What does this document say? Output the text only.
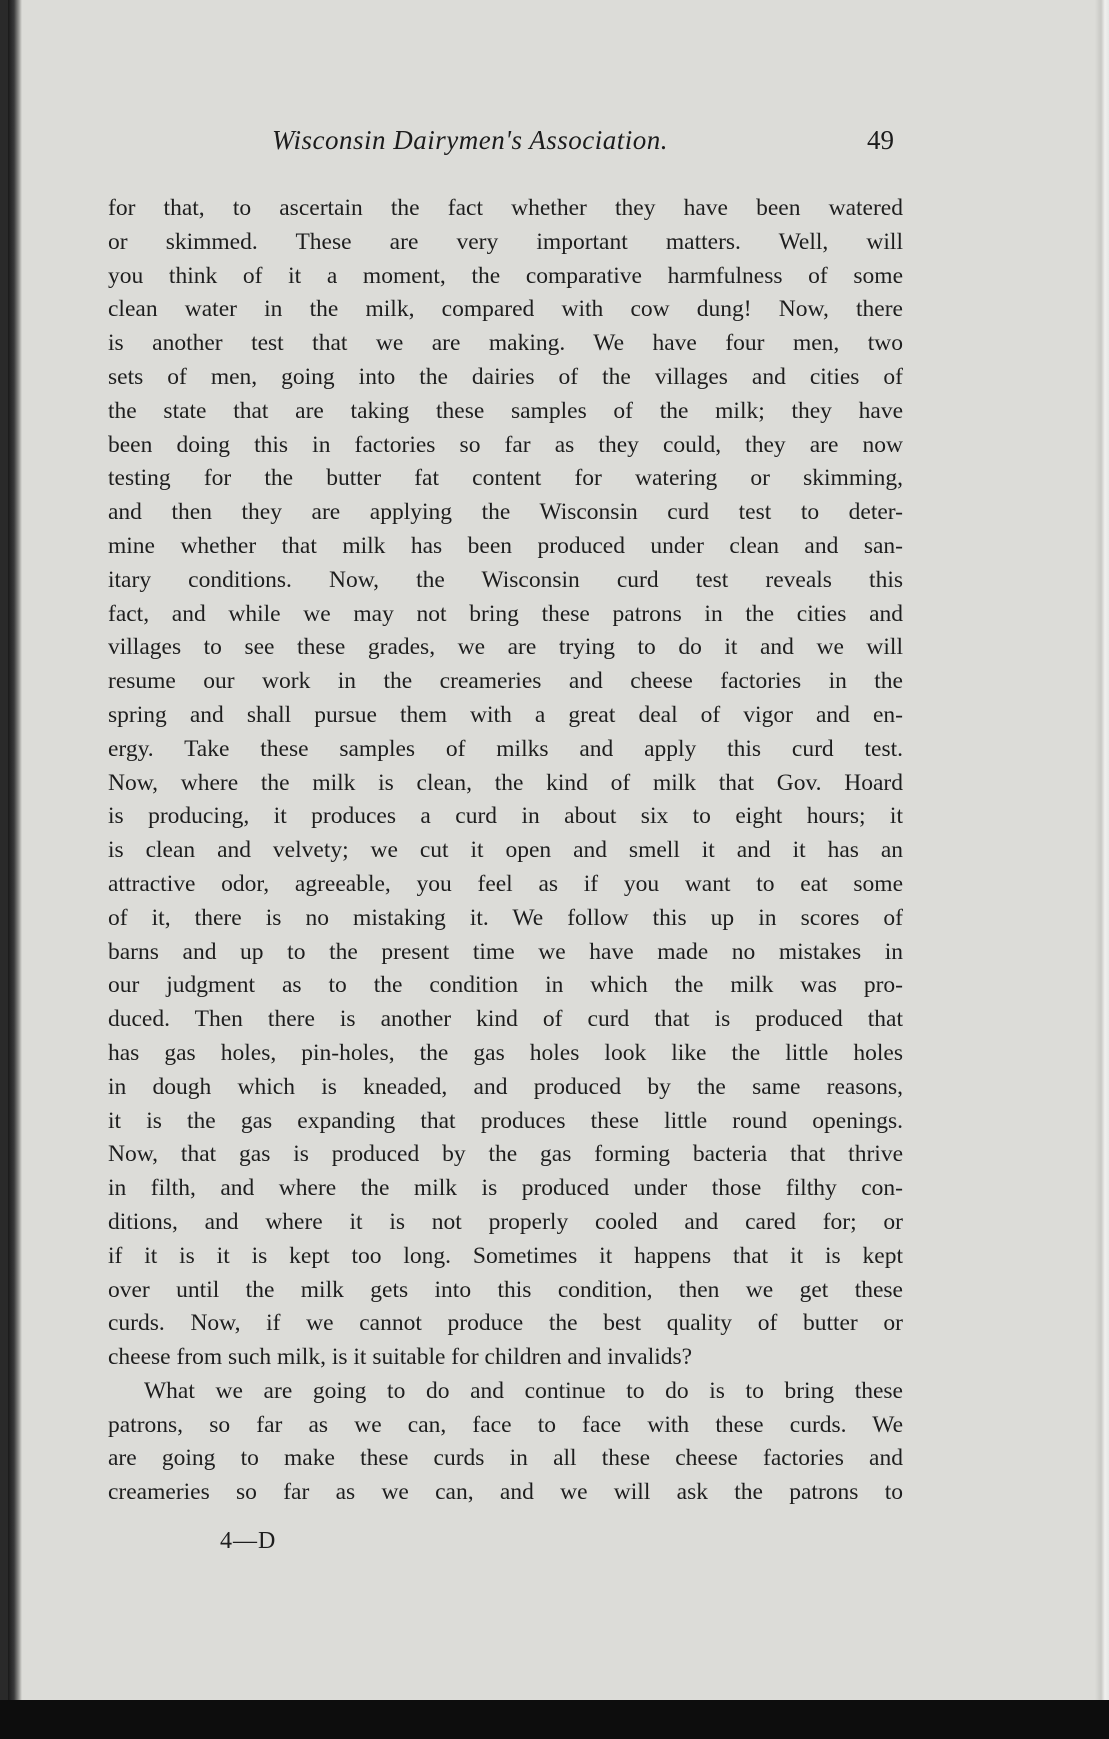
Wisconsin Dairymen's Association.	49
for that, to ascertain the fact whether they have been watered
or skimmed. These are very important matters. Well, will
you think of it a moment, the comparative harmfulness of some
clean water in the milk, compared with cow dung! Now, there
is another test that we are making. We have four men, two
sets of men, going into the dairies of the villages and cities of
the state that are taking these samples of the milk; they have
been doing this in factories so far as they could, they are now
testing for the butter fat content for watering or skimming,
and then they are applying the Wisconsin curd test to deter-
mine whether that milk has been produced under clean and san-
itary conditions. Now, the Wisconsin curd test reveals this
fact, and while we may not bring these patrons in the cities and
villages to see these grades, we are trying to do it and we will
resume our work in the creameries and cheese factories in the
spring and shall pursue them with a great deal of vigor and en-
ergy. Take these samples of milks and apply this curd test.
Now, where the milk is clean, the kind of milk that Gov. Hoard
is producing, it produces a curd in about six to eight hours; it
is clean and velvety; we cut it open and smell it and it has an
attractive odor, agreeable, you feel as if you want to eat some
of it, there is no mistaking it. We follow this up in scores of
barns and up to the present time we have made no mistakes in
our judgment as to the condition in which the milk was pro-
duced. Then there is another kind of curd that is produced that
has gas holes, pin-holes, the gas holes look like the little holes
in dough which is kneaded, and produced by the same reasons,
it is the gas expanding that produces these little round openings.
Now, that gas is produced by the gas forming bacteria that thrive
in filth, and where the milk is produced under those filthy con-
ditions, and where it is not properly cooled and cared for; or
if it is it is kept too long. Sometimes it happens that it is kept
over until the milk gets into this condition, then we get these
curds. Now, if we cannot produce the best quality of butter or
cheese from such milk, is it suitable for children and invalids?
What we are going to do and continue to do is to bring these
patrons, so far as we can, face to face with these curds. We
are going to make these curds in all these cheese factories and
creameries so far as we can, and we will ask the patrons to
4—D
